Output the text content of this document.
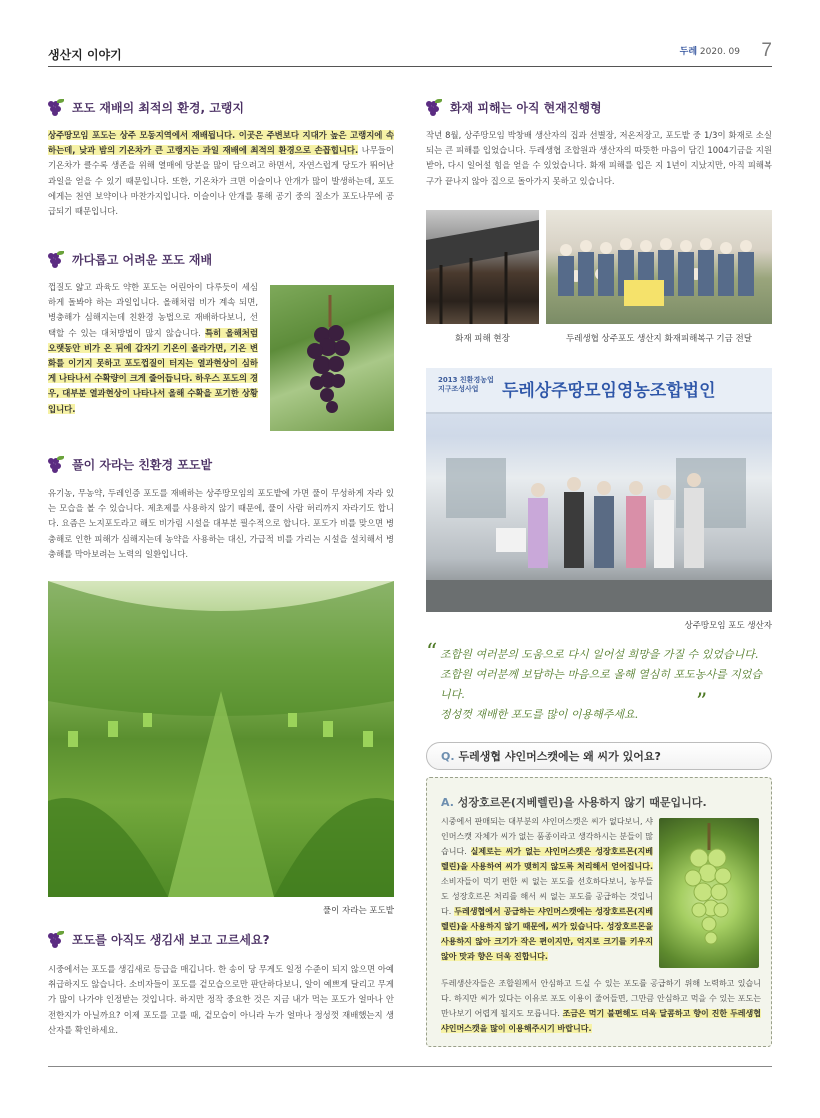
생산지 이야기	두레 2020. 09 7
포도 재배의 최적의 환경, 고랭지
상주땅모임 포도는 상주 모동지역에서 재배됩니다. 이곳은 주변보다 지대가 높은 고랭지에 속하는데, 낮과 밤의 기온차가 큰 고랭지는 과일 재배에 최적의 환경으로 손꼽힙니다. 나무들이 기온차가 클수록 생존을 위해 열매에 당분을 많이 담으려고 하면서, 자연스럽게 당도가 뛰어난 과일을 얻을 수 있기 때문입니다. 또한, 기온차가 크면 이슬이나 안개가 많이 발생하는데, 포도에게는 천연 보약이나 마찬가지입니다. 이슬이나 안개를 통해 공기 중의 질소가 포도나무에 공급되기 때문입니다.
까다롭고 어려운 포도 재배
껍질도 얇고 과육도 약한 포도는 어린아이 다루듯이 세심하게 돌봐야 하는 과일입니다. 올해처럼 비가 계속 되면, 병충해가 심해지는데 친환경 농법으로 재배하다보니, 선택할 수 있는 대처방법이 많지 않습니다. 특히 올해처럼 오랫동안 비가 온 뒤에 갑자기 기온이 올라가면, 기온 변화를 이기지 못하고 포도껍질이 터지는 열과현상이 심하게 나타나서 수확량이 크게 줄어듭니다. 하우스 포도의 경우, 대부분 열과현상이 나타나서 올해 수확을 포기한 상황입니다.
풀이 자라는 친환경 포도밭
유기농, 무농약, 두레인증 포도를 재배하는 상주땅모임의 포도밭에 가면 풀이 무성하게 자라 있는 모습을 볼 수 있습니다. 제초제를 사용하지 않기 때문에, 풀이 사람 허리까지 자라기도 합니다. 요즘은 노지포도라고 해도 비가림 시설을 대부분 필수적으로 합니다. 포도가 비를 맞으면 병충해로 인한 피해가 심해지는데 농약을 사용하는 대신, 가급적 비를 가리는 시설을 설치해서 병충해를 막아보려는 노력의 일환입니다.
풀이 자라는 포도밭
포도를 아직도 생김새 보고 고르세요?
시중에서는 포도를 생김새로 등급을 매깁니다. 한 송이 당 무게도 일정 수준이 되지 않으면 아예 취급하지도 않습니다. 소비자들이 포도를 겉모습으로만 판단하다보니, 알이 예쁘게 달리고 무게가 많이 나가야 인정받는 것입니다. 하지만 정작 중요한 것은 지금 내가 먹는 포도가 얼마나 안전한지가 아닐까요? 이제 포도를 고를 때, 겉모습이 아니라 누가 얼마나 정성껏 재배했는지 생산자를 확인하세요.
화재 피해는 아직 현재진행형
작년 8월, 상주땅모임 박창배 생산자의 집과 선별장, 저온저장고, 포도밭 중 1/3이 화재로 소실되는 큰 피해를 입었습니다. 두레생협 조합원과 생산자의 따뜻한 마음이 담긴 1004기금을 지원받아, 다시 일어설 힘을 얻을 수 있었습니다. 화재 피해를 입은 지 1년이 지났지만, 아직 피해복구가 끝나지 않아 집으로 돌아가지 못하고 있습니다.
화재 피해 현장	두레생협 상주포도 생산지 화재피해복구 기금 전달
2013 친환경농업 지구조성사업	두레상주땅모임영농조합법인
상주땅모임 포도 생산자
“ 조합원 여러분의 도움으로 다시 일어설 희망을 가질 수 있었습니다.
조합원 여러분께 보답하는 마음으로 올해 열심히 포도농사를 지었습니다.
정성껏 재배한 포도를 많이 이용해주세요.	”
Q. 두레생협 샤인머스캣에는 왜 씨가 있어요?
A. 성장호르몬(지베렐린)을 사용하지 않기 때문입니다.
시중에서 판매되는 대부분의 샤인머스캣은 씨가 없다보니, 샤인머스캣 자체가 씨가 없는 품종이라고 생각하시는 분들이 많습니다. 실제로는 씨가 없는 샤인머스캣은 성장호르몬(지베렐린)을 사용하여 씨가 맺히지 않도록 처리해서 얻어집니다. 소비자들이 먹기 편한 씨 없는 포도를 선호하다보니, 농부들도 성장호르몬 처리를 해서 씨 없는 포도를 공급하는 것입니다. 두레생협에서 공급하는 샤인머스캣에는 성장호르몬(지베렐린)을 사용하지 않기 때문에, 씨가 있습니다. 성장호르몬을 사용하지 않아 크기가 작은 편이지만, 억지로 크기를 키우지 않아 맛과 향은 더욱 진합니다.
두레생산자들은 조합원께서 안심하고 드실 수 있는 포도를 공급하기 위해 노력하고 있습니다. 하지만 씨가 있다는 이유로 포도 이용이 줄어들면, 그만큼 안심하고 먹을 수 있는 포도는 만나보기 어렵게 될지도 모릅니다. 조금은 먹기 불편해도 더욱 달콤하고 향이 진한 두레생협 샤인머스캣을 많이 이용해주시기 바랍니다.
